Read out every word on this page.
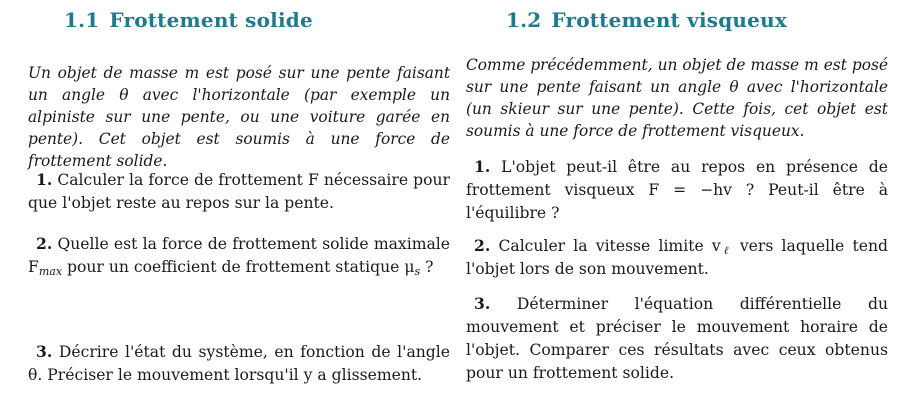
1.1 Frottement solide

Un objet de masse m est posé sur une pente faisant un angle θ avec l'horizontale (par exemple un alpiniste sur une pente, ou une voiture garée en pente). Cet objet est soumis à une force de frottement solide.

1. Calculer la force de frottement F nécessaire pour que l'objet reste au repos sur la pente.

2. Quelle est la force de frottement solide maximale $F_{max}$ pour un coefficient de frottement statique $\mu_s$ ?

3. Décrire l'état du système, en fonction de l'angle θ. Préciser le mouvement lorsqu'il y a glissement.

1.2 Frottement visqueux

Comme précédemment, un objet de masse m est posé sur une pente faisant un angle θ avec l'horizontale (un skieur sur une pente). Cette fois, cet objet est soumis à une force de frottement visqueux.

1. L'objet peut-il être au repos en présence de frottement visqueux F = −hv ? Peut-il être à l'équilibre ?

2. Calculer la vitesse limite $v_\ell$ vers laquelle tend l'objet lors de son mouvement.

3. Déterminer l'équation différentielle du mouvement et préciser le mouvement horaire de l'objet. Comparer ces résultats avec ceux obtenus pour un frottement solide.
